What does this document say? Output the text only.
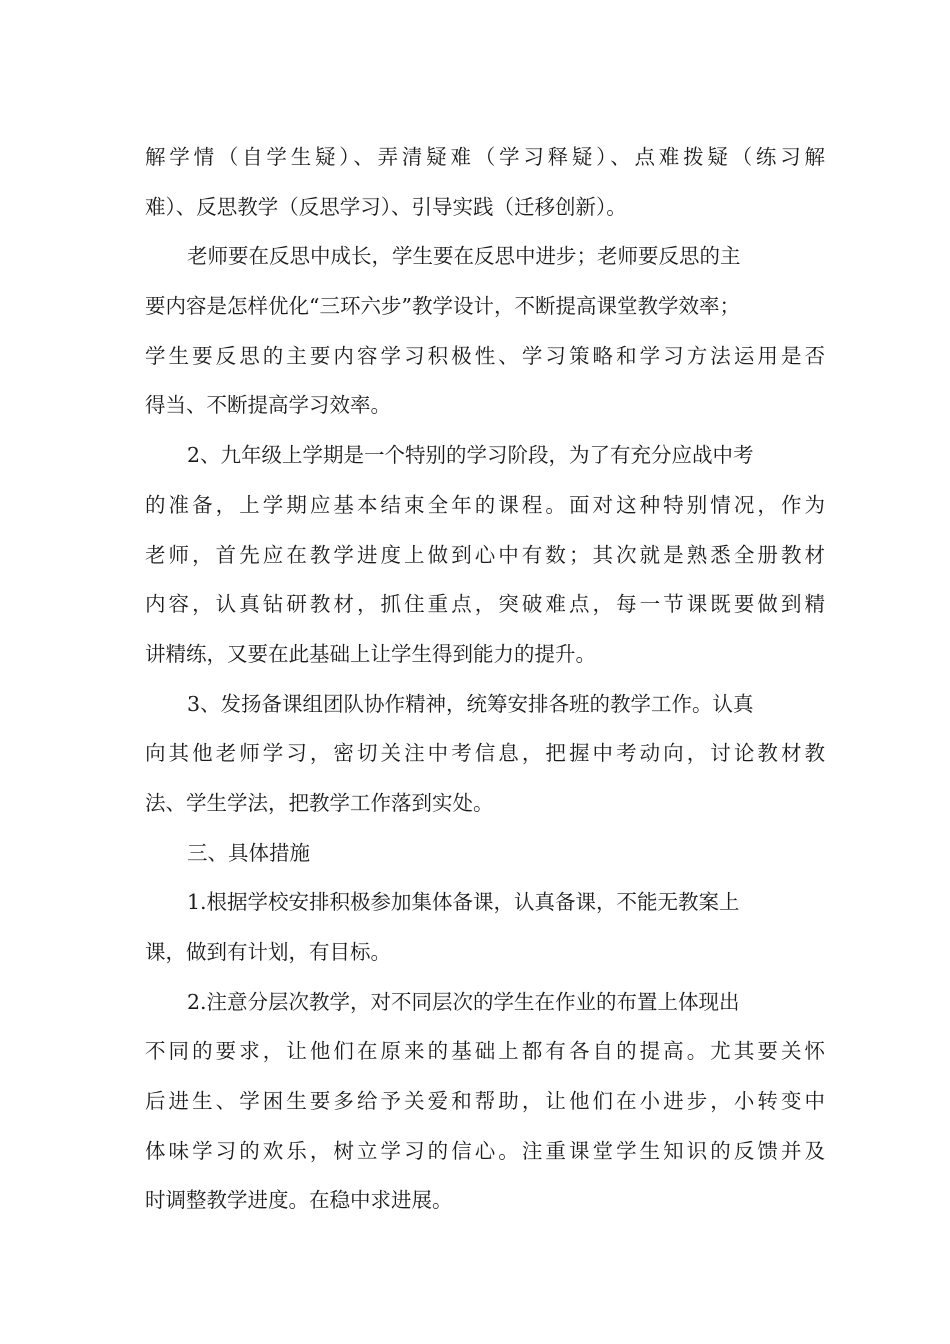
解学情（自学生疑）、弄清疑难（学习释疑）、点难拨疑（练习解
难）、反思教学（反思学习）、引导实践（迁移创新）。
老师要在反思中成长，学生要在反思中进步；老师要反思的主
要内容是怎样优化“三环六步”教学设计，不断提高课堂教学效率；
学生要反思的主要内容学习积极性、学习策略和学习方法运用是否
得当、不断提高学习效率。
2、九年级上学期是一个特别的学习阶段，为了有充分应战中考
的准备，上学期应基本结束全年的课程。面对这种特别情况，作为
老师，首先应在教学进度上做到心中有数；其次就是熟悉全册教材
内容，认真钻研教材，抓住重点，突破难点，每一节课既要做到精
讲精练，又要在此基础上让学生得到能力的提升。
3、发扬备课组团队协作精神，统筹安排各班的教学工作。认真
向其他老师学习，密切关注中考信息，把握中考动向，讨论教材教
法、学生学法，把教学工作落到实处。
三、具体措施
1.根据学校安排积极参加集体备课，认真备课，不能无教案上
课，做到有计划，有目标。
2.注意分层次教学，对不同层次的学生在作业的布置上体现出
不同的要求，让他们在原来的基础上都有各自的提高。尤其要关怀
后进生、学困生要多给予关爱和帮助，让他们在小进步，小转变中
体味学习的欢乐，树立学习的信心。注重课堂学生知识的反馈并及
时调整教学进度。在稳中求进展。
